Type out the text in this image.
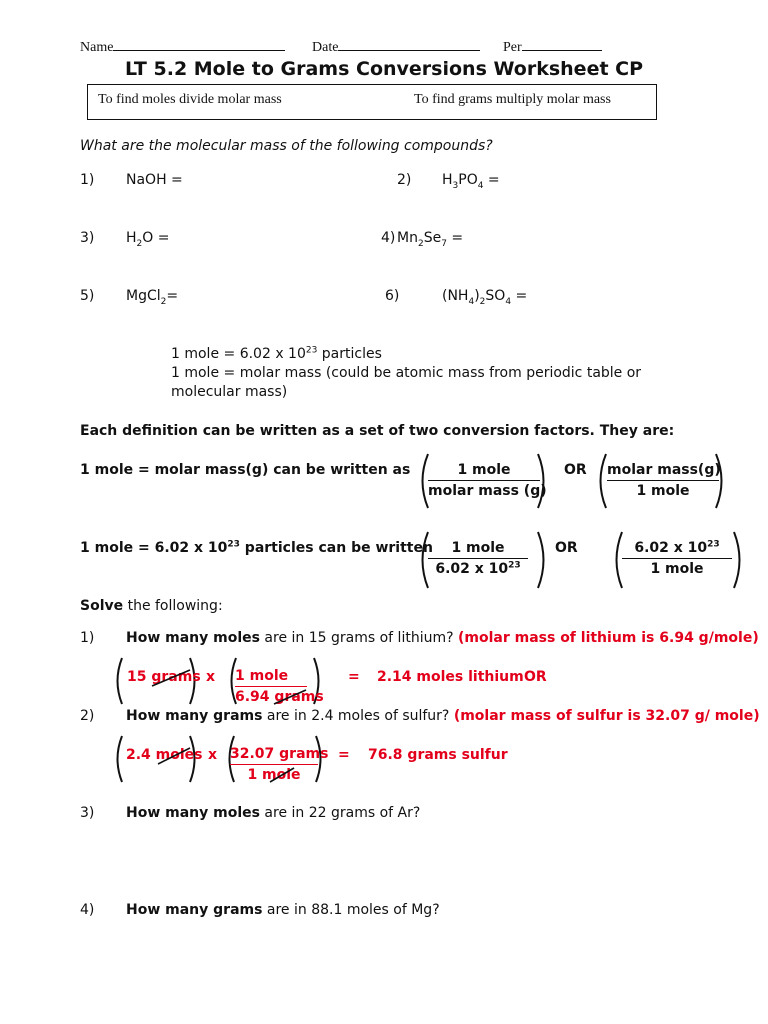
Name	Date	Per
LT 5.2 Mole to Grams Conversions Worksheet CP
To find moles divide molar mass	To find grams multiply molar mass
What are the molecular mass of the following compounds?
1) NaOH =	2) $H_3PO_4$ =
3) $H_2O$ =	4) $Mn_2Se_7$ =
5) MgCl$_2$=	6)	$(NH_4)_2SO_4$ =
1 mole = 6.02 x $10^{23}$ particles
1 mole = molar mass (could be atomic mass from periodic table or
molecular mass)
Each definition can be written as a set of two conversion factors. They are:
1 mole = molar mass(g) can be written as	1 mole
molar mass (g)
OR molar mass(g)
1 mole
1 mole = 6.02 x $10^{23}$ particles can be written	1 mole
6.02 x $10^{23}$
OR	6.02 x $10^{23}$
1 mole
Solve the following:
1) How many moles are in 15 grams of lithium? (molar mass of lithium is 6.94 g/mole)
15 grams x 1 mole
6.94 grams
= 2.14 moles lithium OR
2) How many grams are in 2.4 moles of sulfur? (molar mass of sulfur is 32.07 g/ mole)
2.4 moles x 32.07 grams
1 mole
= 76.8 grams sulfur
3) How many moles are in 22 grams of Ar?
4) How many grams are in 88.1 moles of Mg?
